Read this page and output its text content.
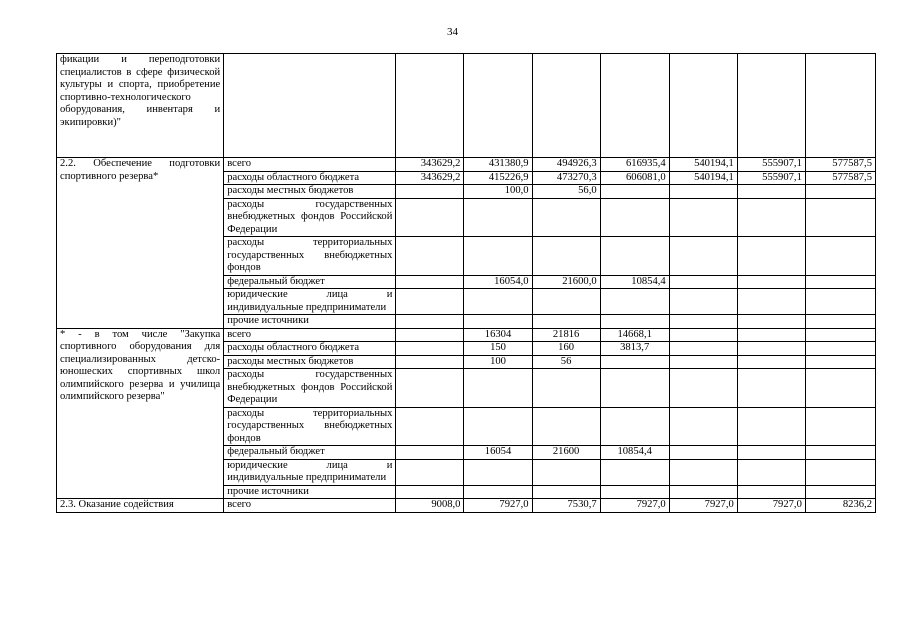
34
фикации и переподготовки специалистов в сфере физической культуры и спорта, приобретение спортивно-технологического оборудования, инвентаря и экипировки)"								

2.2. Обеспечение подготовки спортивного резерва*	всего	343629,2	431380,9	494926,3	616935,4	540194,1	555907,1	577587,5

	расходы областного бюджета	343629,2	415226,9	473270,3	606081,0	540194,1	555907,1	577587,5

	расходы местных бюджетов		100,0	56,0				

	расходы государственных внебюджетных фондов Российской Федерации							

	расходы территориальных государственных внебюджетных фондов							

	федеральный бюджет		16054,0	21600,0	10854,4			

	юридические лица и индивидуальные предприниматели							

	прочие источники							

* - в том числе "Закупка спортивного оборудования для специализированных детско-юношеских спортивных школ олимпийского резерва и училища олимпийского резерва"	всего		16304	21816	14668,1			

	расходы областного бюджета		150	160	3813,7			

	расходы местных бюджетов		100	56				

	расходы государственных внебюджетных фондов Российской Федерации							

	расходы территориальных государственных внебюджетных фондов							

	федеральный бюджет		16054	21600	10854,4			

	юридические лица и индивидуальные предприниматели							

	прочие источники							

2.3. Оказание содействия	всего	9008,0	7927,0	7530,7	7927,0	7927,0	7927,0	8236,2
